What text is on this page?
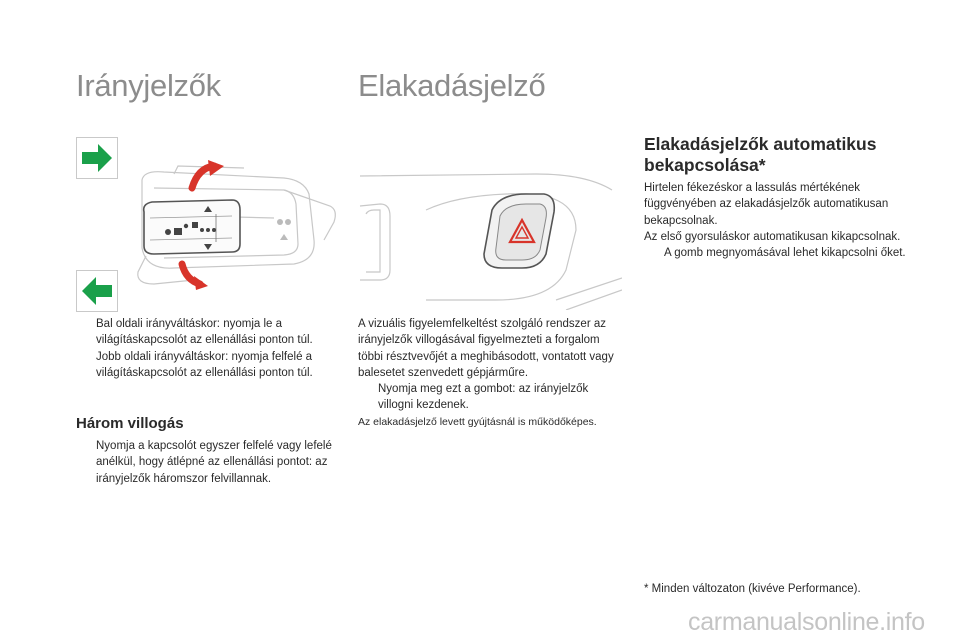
Irányjelzők	Elakadásjelző
Bal oldali irányváltáskor: nyomja le a világításkapcsolót az ellenállási ponton túl.
Jobb oldali irányváltáskor: nyomja felfelé a világításkapcsolót az ellenállási ponton túl.
Három villogás
Nyomja a kapcsolót egyszer felfelé vagy lefelé anélkül, hogy átlépné az ellenállási pontot: az irányjelzők háromszor felvillannak.
A vizuális figyelemfelkeltést szolgáló rendszer az irányjelzők villogásával figyelmezteti a forgalom többi résztvevőjét a meghibásodott, vontatott vagy balesetet szenvedett gépjárműre.
Nyomja meg ezt a gombot: az irányjelzők villogni kezdenek.
Az elakadásjelző levett gyújtásnál is működőképes.
Elakadásjelzők automatikus bekapcsolása*
Hirtelen fékezéskor a lassulás mértékének függvényében az elakadásjelzők automatikusan bekapcsolnak.
Az első gyorsuláskor automatikusan kikapcsolnak.
A gomb megnyomásával lehet kikapcsolni őket.
* Minden változaton (kivéve Performance).
carmanualsonline.info
